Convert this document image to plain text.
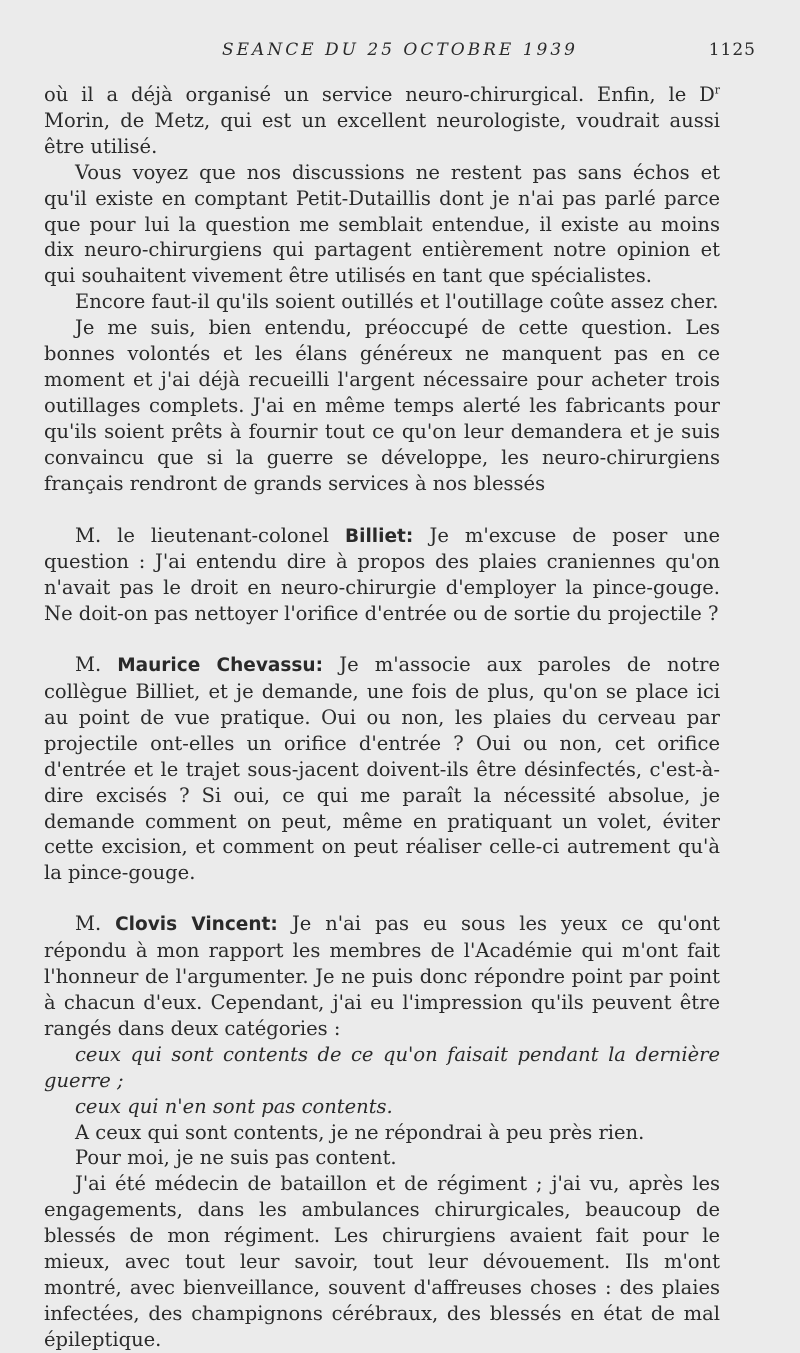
SEANCE DU 25 OCTOBRE 1939	1125

où il a déjà organisé un service neuro-chirurgical. Enfin, le $D^r$ Morin, de Metz, qui est un excellent neurologiste, voudrait aussi être utilisé.

Vous voyez que nos discussions ne restent pas sans échos et qu'il existe en comptant Petit-Dutaillis dont je n'ai pas parlé parce que pour lui la question me semblait entendue, il existe au moins dix neuro-chirurgiens qui partagent entièrement notre opinion et qui souhaitent vivement être utilisés en tant que spécialistes.

Encore faut-il qu'ils soient outillés et l'outillage coûte assez cher.

Je me suis, bien entendu, préoccupé de cette question. Les bonnes volontés et les élans généreux ne manquent pas en ce moment et j'ai déjà recueilli l'argent nécessaire pour acheter trois outillages complets. J'ai en même temps alerté les fabricants pour qu'ils soient prêts à fournir tout ce qu'on leur demandera et je suis convaincu que si la guerre se développe, les neuro-chirurgiens français rendront de grands services à nos blessés

M. le lieutenant-colonel Billiet: Je m'excuse de poser une question : J'ai entendu dire à propos des plaies craniennes qu'on n'avait pas le droit en neuro-chirurgie d'employer la pince-gouge. Ne doit-on pas nettoyer l'orifice d'entrée ou de sortie du projectile ?

M. Maurice Chevassu: Je m'associe aux paroles de notre collègue Billiet, et je demande, une fois de plus, qu'on se place ici au point de vue pratique. Oui ou non, les plaies du cerveau par projectile ont-elles un orifice d'entrée ? Oui ou non, cet orifice d'entrée et le trajet sous-jacent doivent-ils être désinfectés, c'est-à-dire excisés ? Si oui, ce qui me paraît la nécessité absolue, je demande comment on peut, même en pratiquant un volet, éviter cette excision, et comment on peut réaliser celle-ci autrement qu'à la pince-gouge.

M. Clovis Vincent: Je n'ai pas eu sous les yeux ce qu'ont répondu à mon rapport les membres de l'Académie qui m'ont fait l'honneur de l'argumenter. Je ne puis donc répondre point par point à chacun d'eux. Cependant, j'ai eu l'impression qu'ils peuvent être rangés dans deux catégories :

ceux qui sont contents de ce qu'on faisait pendant la dernière guerre ;

ceux qui n'en sont pas contents.

A ceux qui sont contents, je ne répondrai à peu près rien.

Pour moi, je ne suis pas content.

J'ai été médecin de bataillon et de régiment ; j'ai vu, après les engagements, dans les ambulances chirurgicales, beaucoup de blessés de mon régiment. Les chirurgiens avaient fait pour le mieux, avec tout leur savoir, tout leur dévouement. Ils m'ont montré, avec bienveillance, souvent d'affreuses choses : des plaies infectées, des champignons cérébraux, des blessés en état de mal épileptique.
